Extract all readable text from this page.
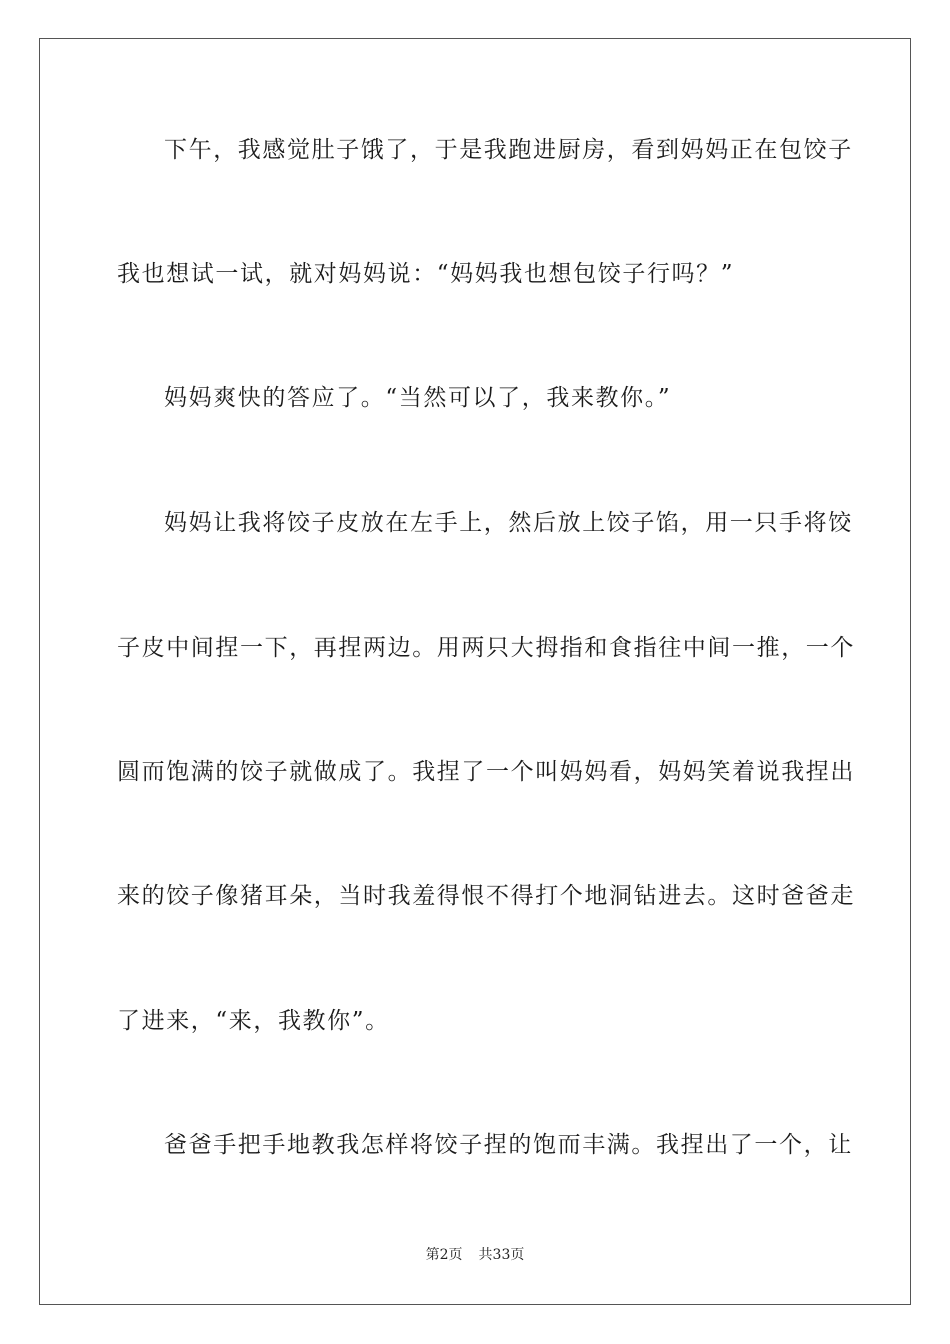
下午，我感觉肚子饿了，于是我跑进厨房，看到妈妈正在包饺子
我也想试一试，就对妈妈说：“妈妈我也想包饺子行吗？”
妈妈爽快的答应了。“当然可以了，我来教你。”
妈妈让我将饺子皮放在左手上，然后放上饺子馅，用一只手将饺
子皮中间捏一下，再捏两边。用两只大拇指和食指往中间一推，一个
圆而饱满的饺子就做成了。我捏了一个叫妈妈看，妈妈笑着说我捏出
来的饺子像猪耳朵，当时我羞得恨不得打个地洞钻进去。这时爸爸走
了进来，“来，我教你”。
爸爸手把手地教我怎样将饺子捏的饱而丰满。我捏出了一个，让
第2页 共33页
